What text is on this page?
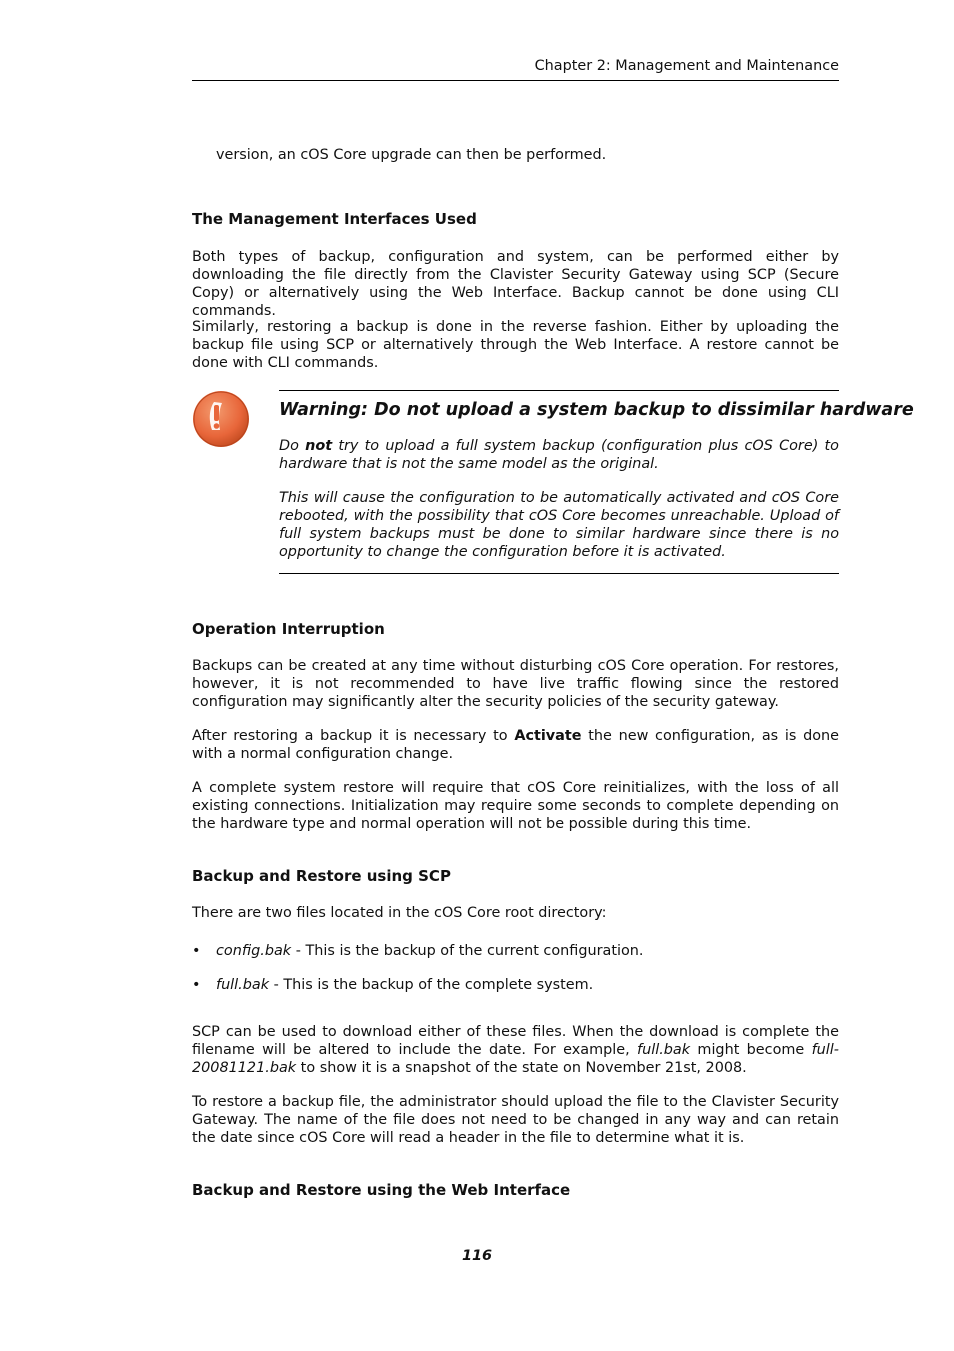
Chapter 2: Management and Maintenance

version, an cOS Core upgrade can then be performed.

The Management Interfaces Used

Both types of backup, configuration and system, can be performed either by downloading the file directly from the Clavister Security Gateway using SCP (Secure Copy) or alternatively using the Web Interface. Backup cannot be done using CLI commands.

Similarly, restoring a backup is done in the reverse fashion. Either by uploading the backup file using SCP or alternatively through the Web Interface. A restore cannot be done with CLI commands.

Warning: Do not upload a system backup to dissimilar hardware

Do not try to upload a full system backup (configuration plus cOS Core) to hardware that is not the same model as the original.

This will cause the configuration to be automatically activated and cOS Core rebooted, with the possibility that cOS Core becomes unreachable. Upload of full system backups must be done to similar hardware since there is no opportunity to change the configuration before it is activated.

Operation Interruption

Backups can be created at any time without disturbing cOS Core operation. For restores, however, it is not recommended to have live traffic flowing since the restored configuration may significantly alter the security policies of the security gateway.

After restoring a backup it is necessary to Activate the new configuration, as is done with a normal configuration change.

A complete system restore will require that cOS Core reinitializes, with the loss of all existing connections. Initialization may require some seconds to complete depending on the hardware type and normal operation will not be possible during this time.

Backup and Restore using SCP

There are two files located in the cOS Core root directory:

• config.bak - This is the backup of the current configuration.
• full.bak - This is the backup of the complete system.

SCP can be used to download either of these files. When the download is complete the filename will be altered to include the date. For example, full.bak might become full-20081121.bak to show it is a snapshot of the state on November 21st, 2008.

To restore a backup file, the administrator should upload the file to the Clavister Security Gateway. The name of the file does not need to be changed in any way and can retain the date since cOS Core will read a header in the file to determine what it is.

Backup and Restore using the Web Interface
116
